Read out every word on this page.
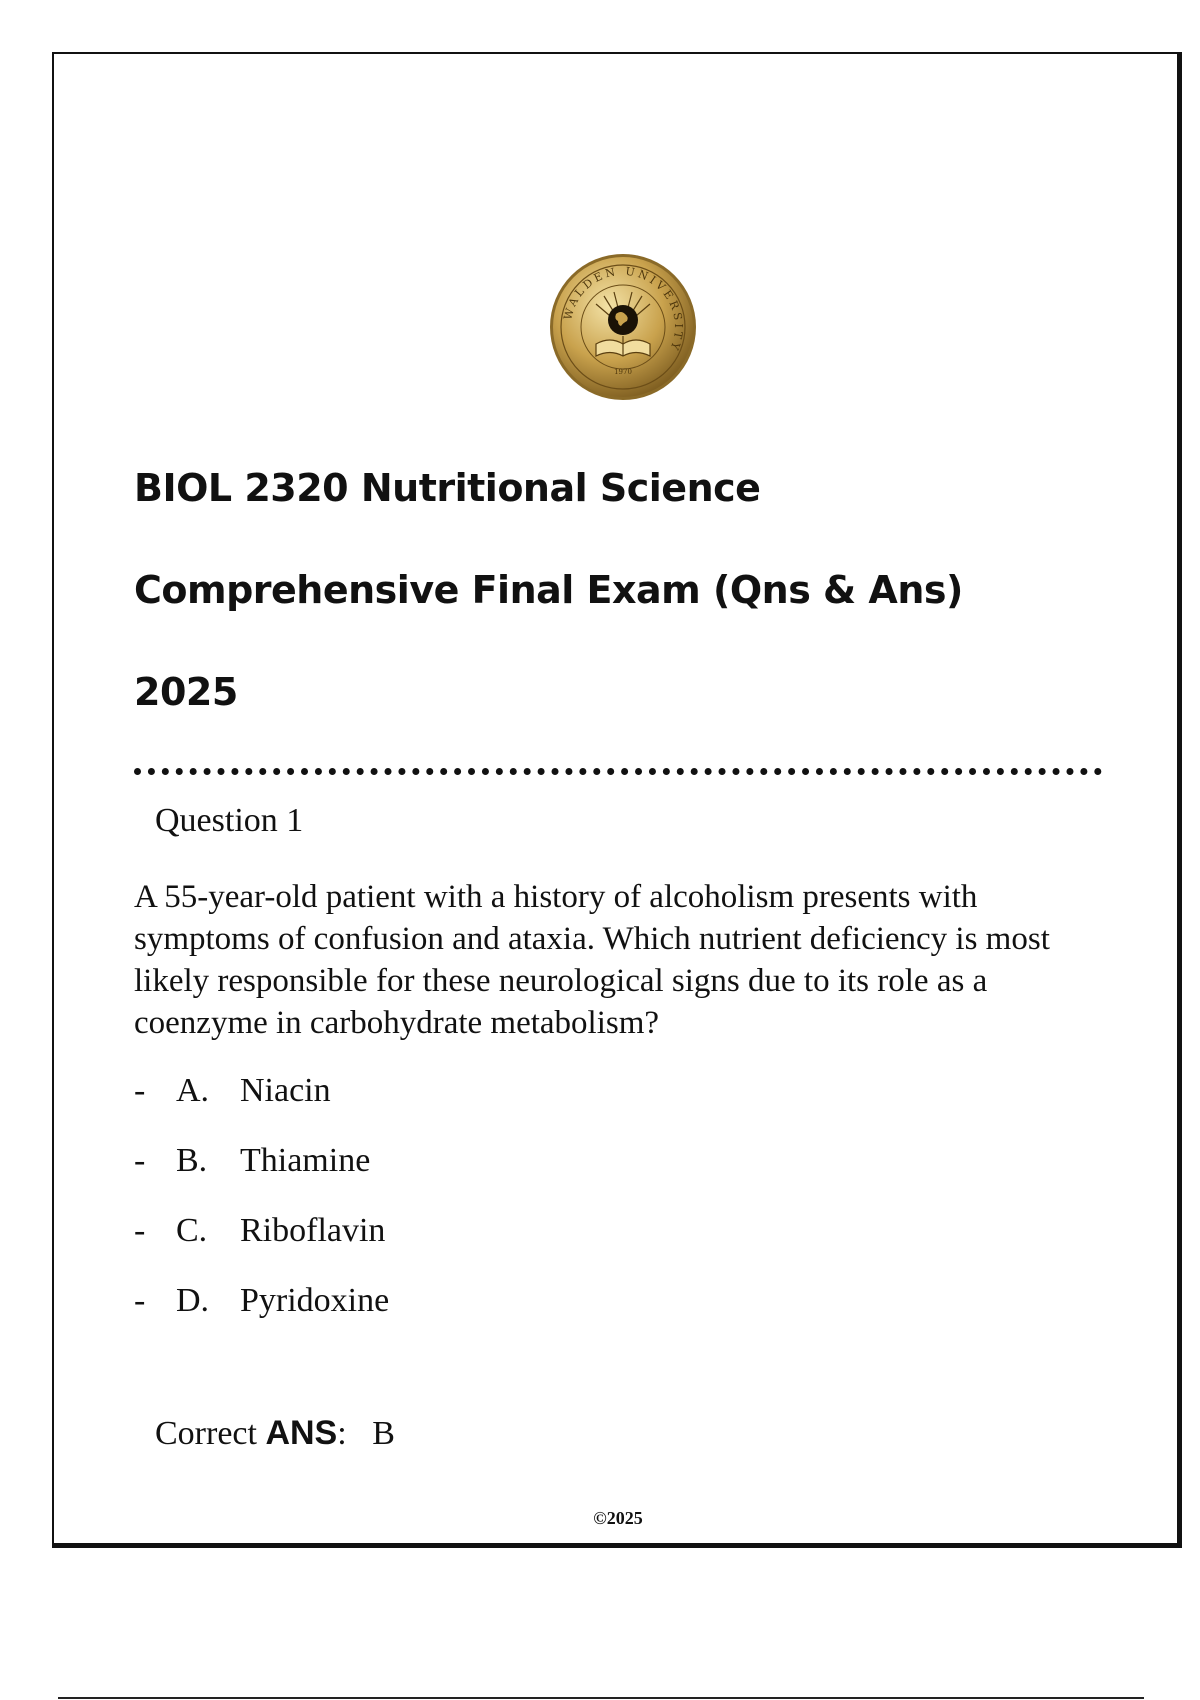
WALDEN UNIVERSITY
1970
BIOL 2320 Nutritional Science
Comprehensive Final Exam (Qns & Ans)
2025
Question 1

A 55-year-old patient with a history of alcoholism presents with symptoms of confusion and ataxia. Which nutrient deficiency is most likely responsible for these neurological signs due to its role as a coenzyme in carbohydrate metabolism?

- A. Niacin
- B. Thiamine
- C. Riboflavin
- D. Pyridoxine
Correct ANS: B
©2025
